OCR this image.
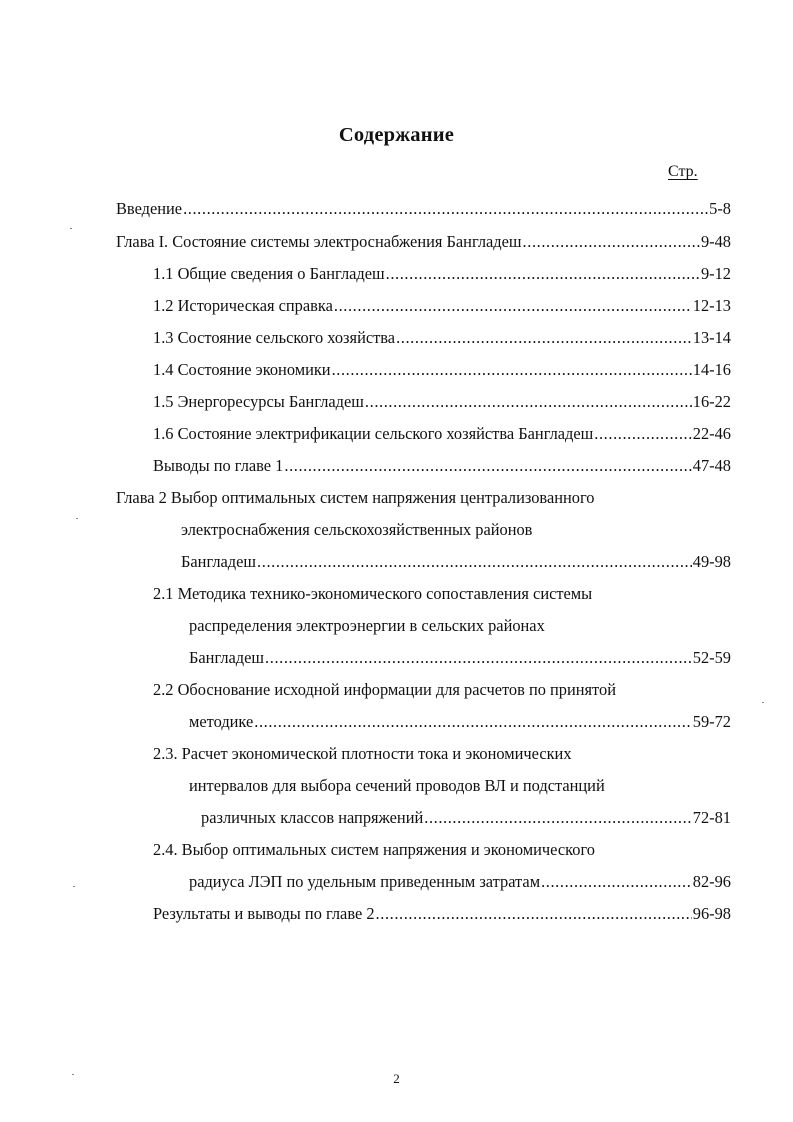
Содержание
Стр.
Введение .....	5-8
Глава I. Состояние системы электроснабжения Бангладеш .....	9-48
1.1 Общие сведения о Бангладеш .....	9-12
1.2 Историческая справка .....	12-13
1.3 Состояние сельского хозяйства .....	13-14
1.4 Состояние экономики .....	14-16
1.5 Энергоресурсы Бангладеш .....	16-22
1.6 Состояние электрификации сельского хозяйства Бангладеш .....	22-46
Выводы по главе 1 .....	47-48
Глава 2 Выбор оптимальных систем напряжения централизованного
электроснабжения сельскохозяйственных районов
Бангладеш .....	49-98
2.1 Методика технико-экономического сопоставления системы
распределения электроэнергии в сельских районах
Бангладеш .....	52-59
2.2 Обоснование исходной информации для расчетов по принятой
методике .....	59-72
2.3. Расчет экономической плотности тока и экономических
интервалов для выбора сечений проводов ВЛ и подстанций
различных классов напряжений .....	72-81
2.4. Выбор оптимальных систем напряжения и экономического
радиуса ЛЭП по удельным приведенным затратам .....	82-96
Результаты и выводы по главе 2 .....	96-98
2
